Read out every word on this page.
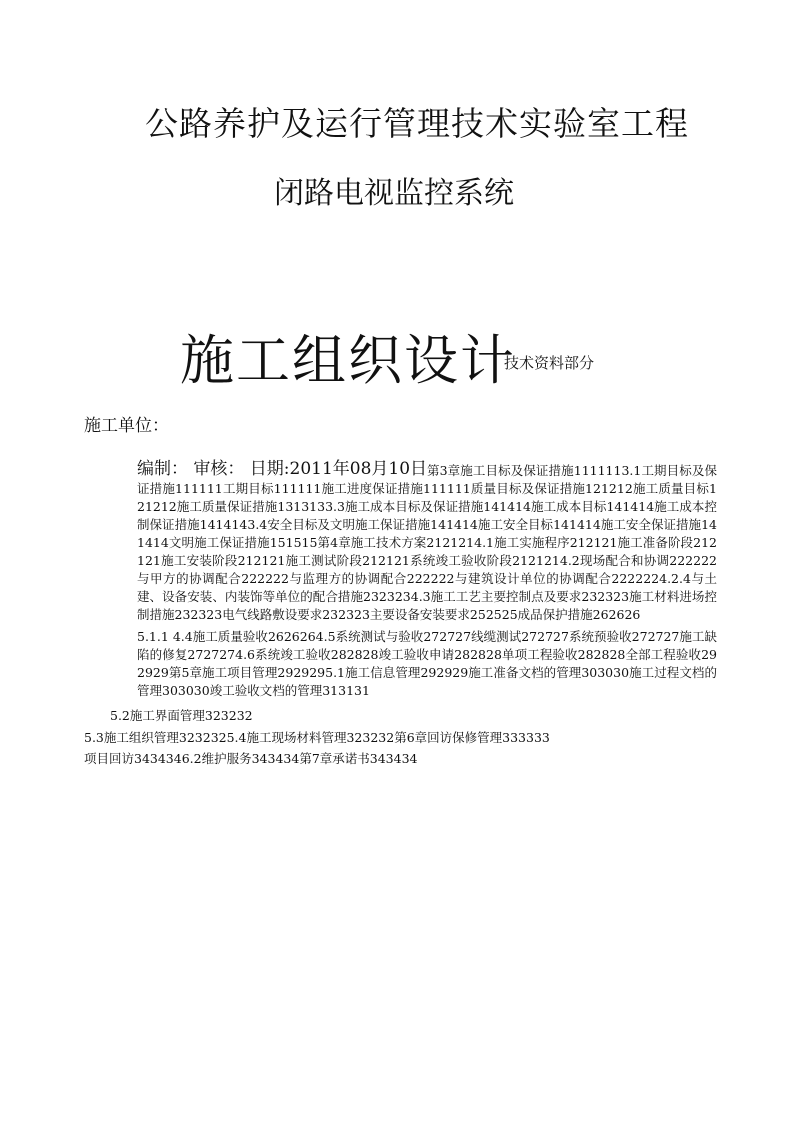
公路养护及运行管理技术实验室工程
闭路电视监控系统
施工组织设计
技术资料部分
施工单位：
编制： 审核： 日期:2011年08月10日 第3章施工目标及保证措施1111113.1工期目标及保证措施111111工期目标111111施工进度保证措施111111质量目标及保证措施121212施工质量目标121212施工质量保证措施1313133.3施工成本目标及保证措施141414施工成本目标141414施工成本控制保证措施1414143.4安全目标及文明施工保证措施141414施工安全目标141414施工安全保证措施141414文明施工保证措施151515第4章施工技术方案2121214.1施工实施程序212121施工准备阶段212121施工安装阶段212121施工测试阶段212121系统竣工验收阶段2121214.2现场配合和协调222222与甲方的协调配合222222与监理方的协调配合222222与建筑设计单位的协调配合2222224.2.4与土建、设备安装、内装饰等单位的配合措施2323234.3施工工艺主要控制点及要求232323施工材料进场控制措施232323电气线路敷设要求232323主要设备安装要求252525成品保护措施262626
5.1.1 4.4施工质量验收2626264.5系统测试与验收272727线缆测试272727系统预验收272727施工缺陷的修复2727274.6系统竣工验收282828竣工验收申请282828单项工程验收282828全部工程验收292929第5章施工项目管理2929295.1施工信息管理292929施工准备文档的管理303030施工过程文档的管理303030竣工验收文档的管理313131
5.2施工界面管理323232
5.3施工组织管理3232325.4施工现场材料管理323232第6章回访保修管理333333
项目回访3434346.2维护服务343434第7章承诺书343434
